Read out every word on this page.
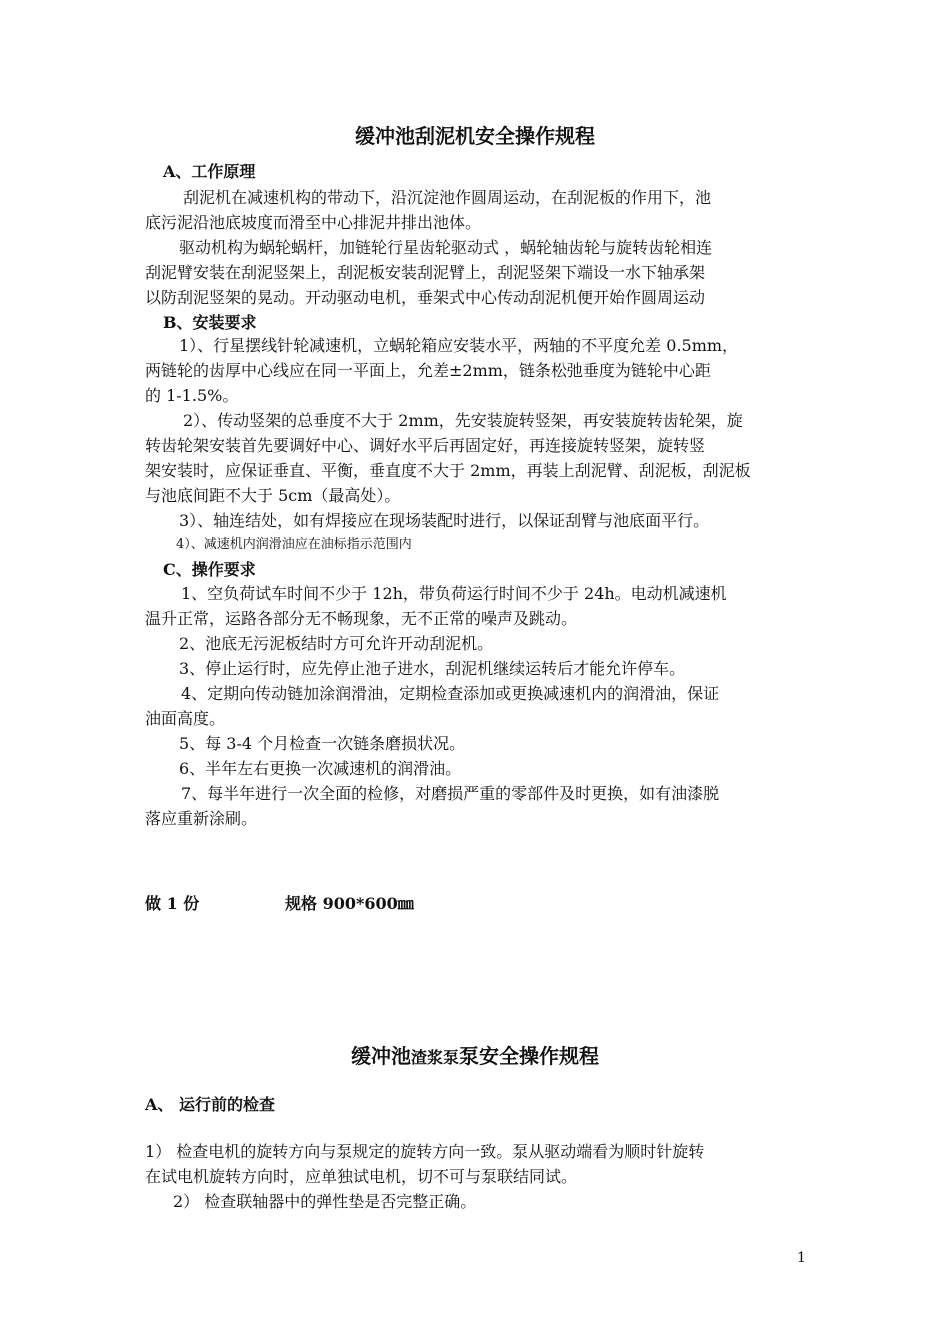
缓冲池刮泥机安全操作规程
A、工作原理
刮泥机在减速机构的带动下，沿沉淀池作圆周运动，在刮泥板的作用下，池
底污泥沿池底坡度而滑至中心排泥井排出池体。
驱动机构为蜗轮蜗杆，加链轮行星齿轮驱动式 ，蜗轮轴齿轮与旋转齿轮相连
刮泥臂安装在刮泥竖架上，刮泥板安装刮泥臂上，刮泥竖架下端设一水下轴承架
以防刮泥竖架的晃动。开动驱动电机，垂架式中心传动刮泥机便开始作圆周运动
B、安装要求
1）、行星摆线针轮减速机，立蜗轮箱应安装水平，两轴的不平度允差 0.5mm，
两链轮的齿厚中心线应在同一平面上，允差±2mm，链条松弛垂度为链轮中心距
的 1-1.5%。
2）、传动竖架的总垂度不大于 2mm，先安装旋转竖架，再安装旋转齿轮架，旋
转齿轮架安装首先要调好中心、调好水平后再固定好，再连接旋转竖架，旋转竖
架安装时，应保证垂直、平衡，垂直度不大于 2mm，再装上刮泥臂、刮泥板，刮泥板
与池底间距不大于 5cm（最高处）。
3）、轴连结处，如有焊接应在现场装配时进行，以保证刮臂与池底面平行。
4）、减速机内润滑油应在油标指示范围内
C、操作要求
1、空负荷试车时间不少于 12h，带负荷运行时间不少于 24h。电动机减速机
温升正常，运路各部分无不畅现象，无不正常的噪声及跳动。
2、池底无污泥板结时方可允许开动刮泥机。
3、停止运行时，应先停止池子进水，刮泥机继续运转后才能允许停车。
4、定期向传动链加涂润滑油，定期检查添加或更换减速机内的润滑油，保证
油面高度。
5、每 3-4 个月检查一次链条磨损状况。
6、半年左右更换一次减速机的润滑油。
7、每半年进行一次全面的检修，对磨损严重的零部件及时更换，如有油漆脱
落应重新涂刷。
做 1 份	规格 900*600㎜
缓冲池渣浆泵泵安全操作规程
A、 运行前的检查
1） 检查电机的旋转方向与泵规定的旋转方向一致。泵从驱动端看为顺时针旋转
在试电机旋转方向时，应单独试电机，切不可与泵联结同试。
2） 检查联轴器中的弹性垫是否完整正确。
1
